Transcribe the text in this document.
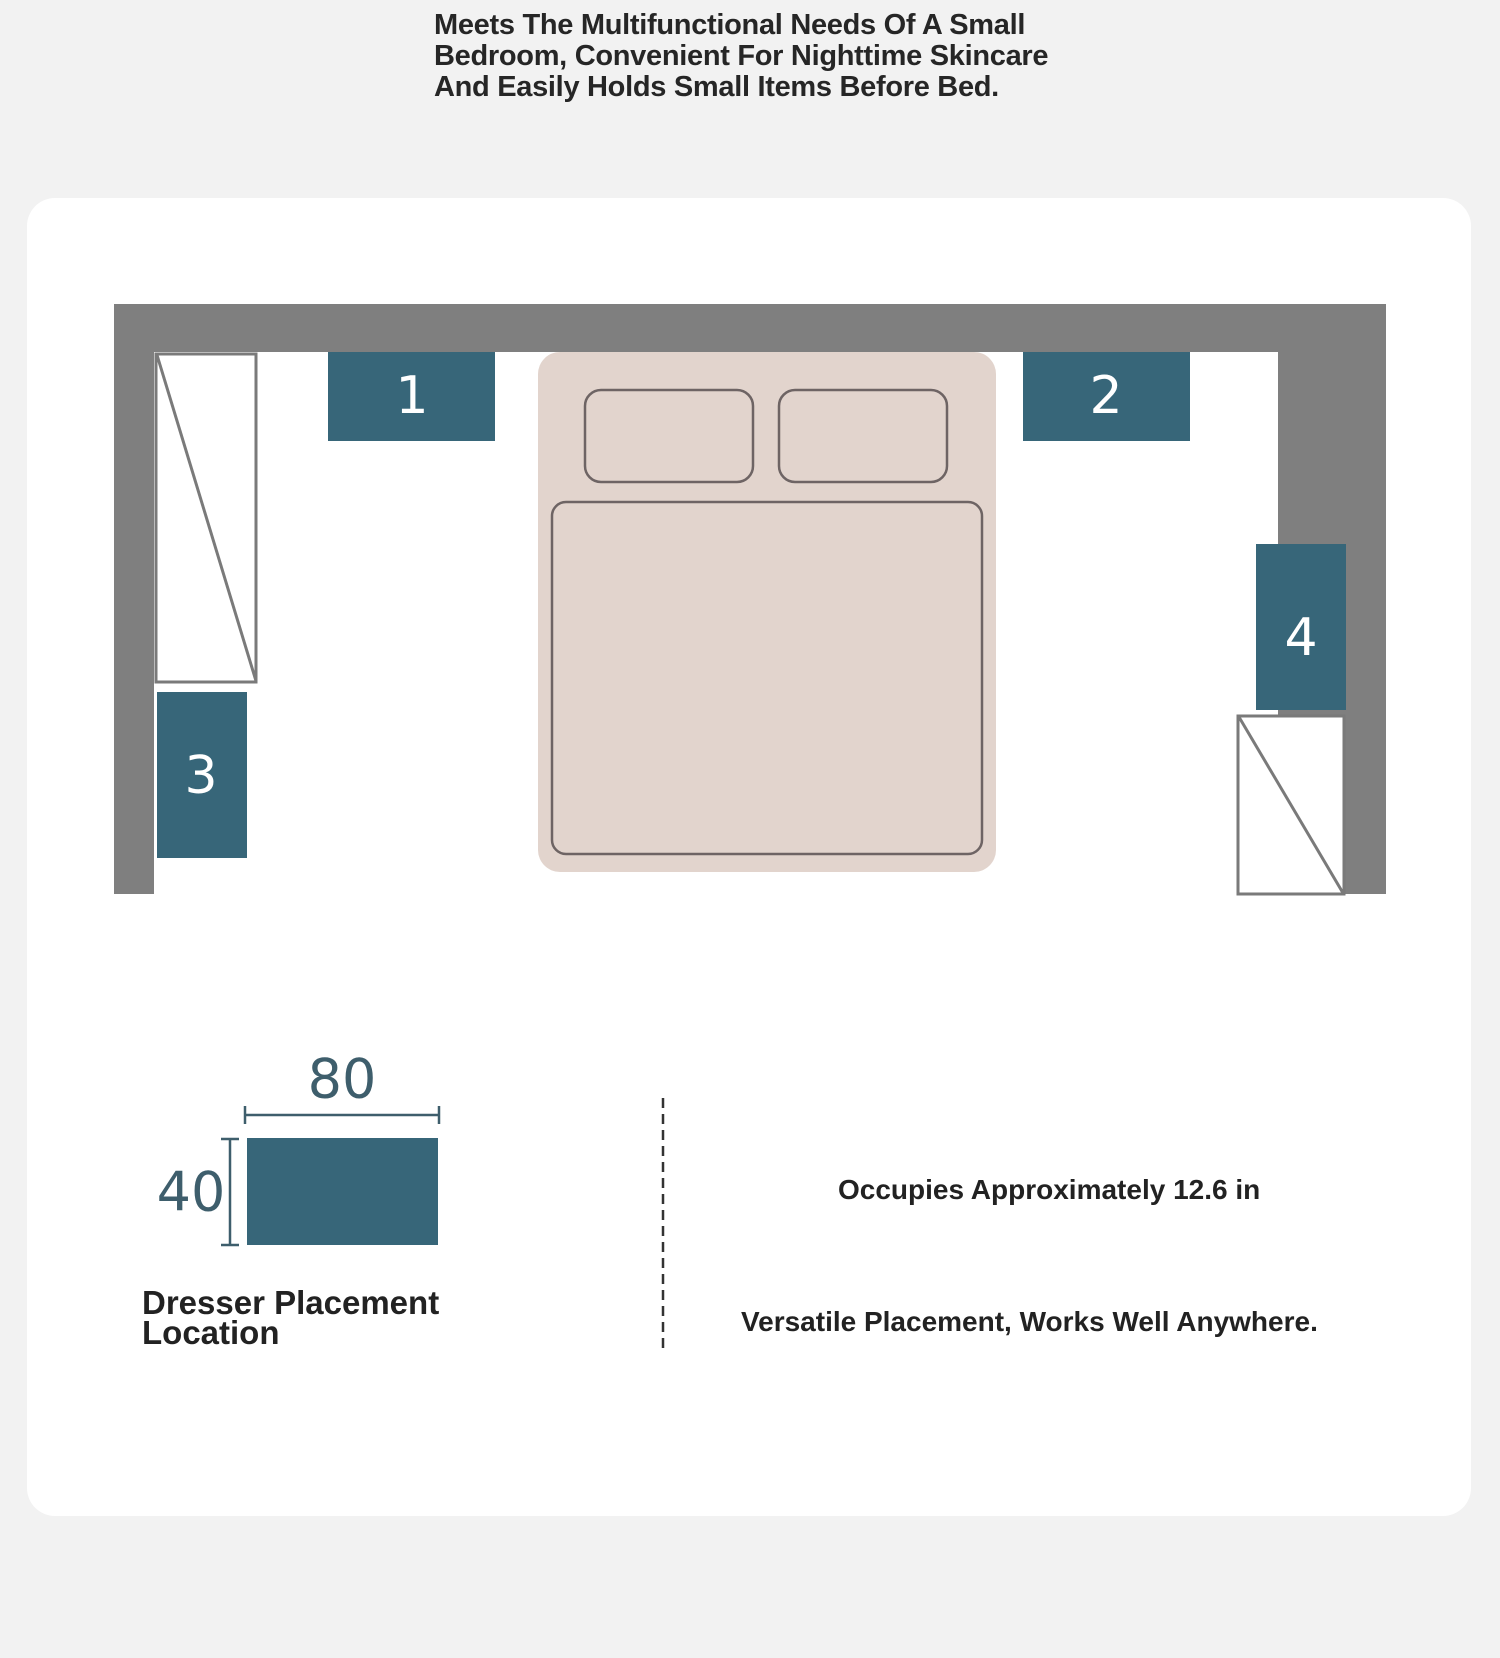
Meets The Multifunctional Needs Of A Small
Bedroom, Convenient For Nighttime Skincare
And Easily Holds Small Items Before Bed.
1	2
3
4
80
40
Dresser Placement
Location
Occupies Approximately 12.6 in
Versatile Placement, Works Well Anywhere.
